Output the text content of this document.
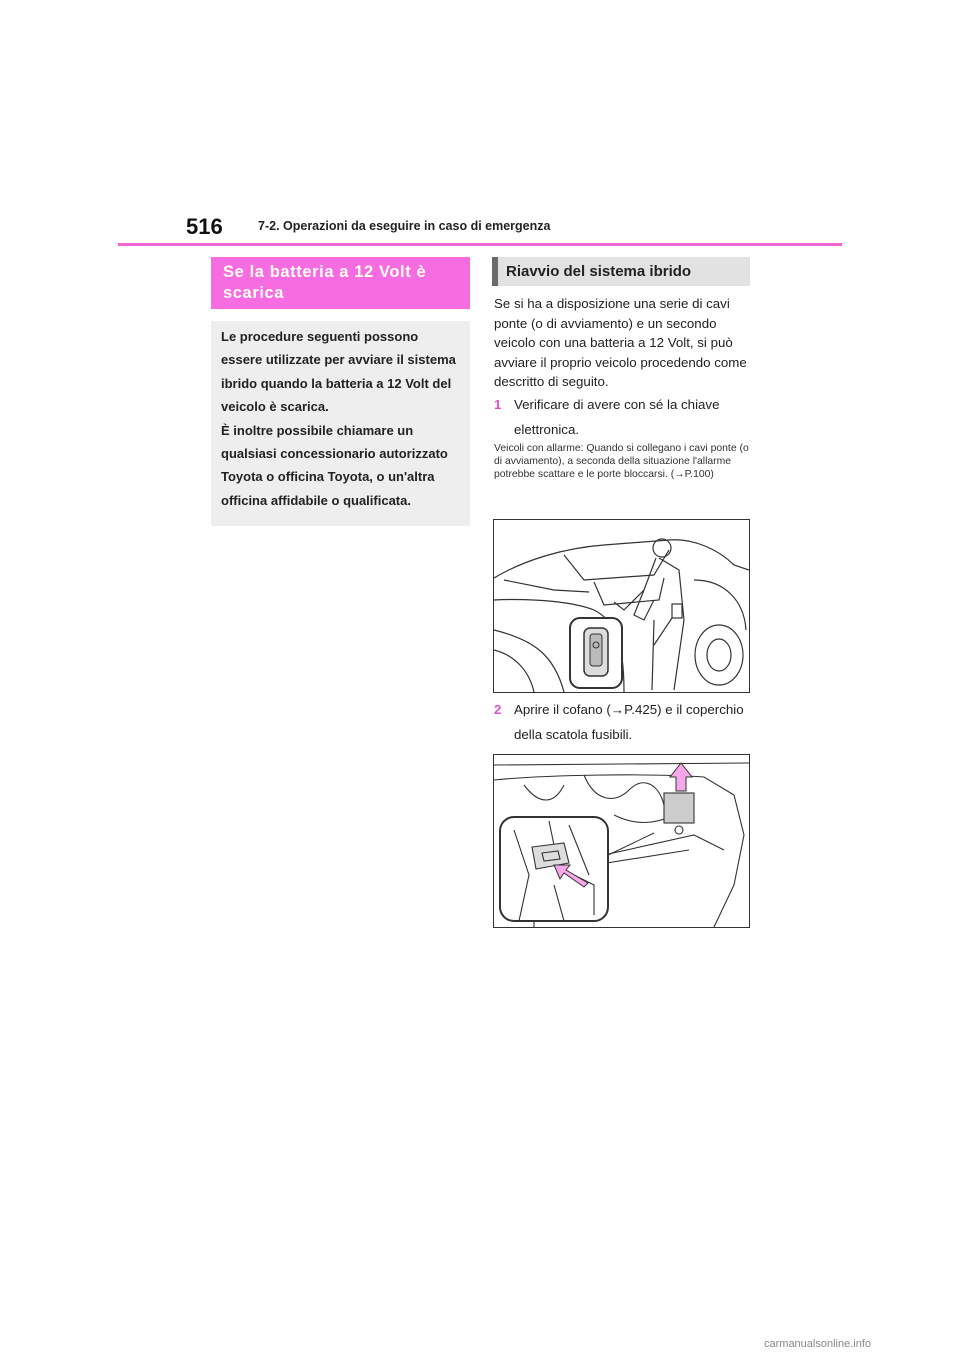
516	7-2. Operazioni da eseguire in caso di emergenza
Se la batteria a 12 Volt è scarica

Le procedure seguenti possono essere utilizzate per avviare il sistema ibrido quando la batteria a 12 Volt del veicolo è scarica.

È inoltre possibile chiamare un qualsiasi concessionario autorizzato Toyota o officina Toyota, o un'altra officina affidabile o qualificata.

Riavvio del sistema ibrido

Se si ha a disposizione una serie di cavi ponte (o di avviamento) e un secondo veicolo con una batteria a 12 Volt, si può avviare il proprio veicolo procedendo come descritto di seguito.

1 Verificare di avere con sé la chiave elettronica.
Veicoli con allarme: Quando si collegano i cavi ponte (o di avviamento), a seconda della situazione l'allarme potrebbe scattare e le porte bloccarsi. (→P.100)
2 Aprire il cofano (→P.425) e il coperchio della scatola fusibili.
carmanualsonline.info
